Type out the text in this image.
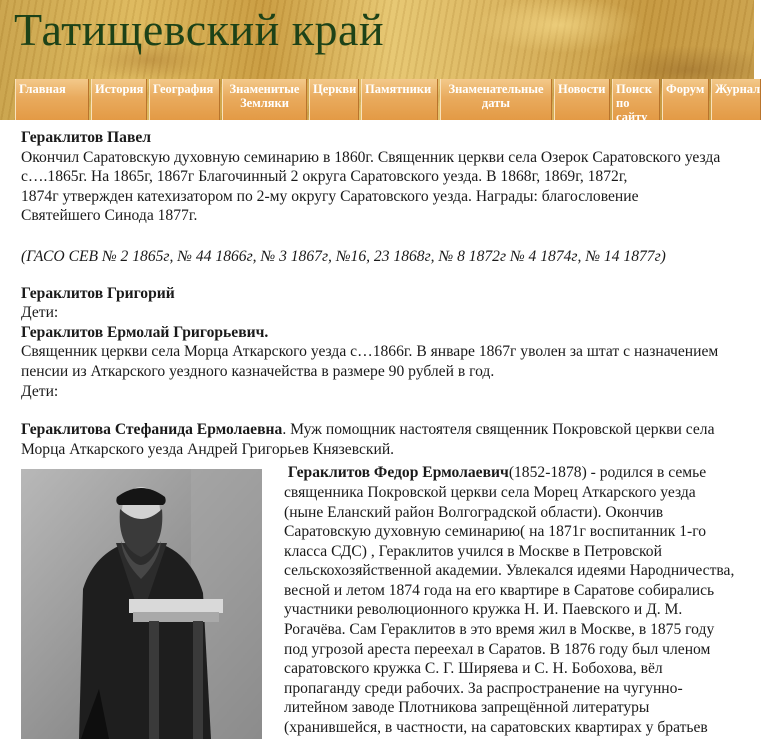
Татищевский край
Главная	История География	Знаменитые Земляки
Церкви Памятники	Знаменательные даты
Новости Поиск по сайту
Форум Журнал
Гераклитов Павел
Окончил Саратовскую духовную семинарию в 1860г. Священник церкви села Озерок Саратовского уезда
с….1865г. На 1865г, 1867г Благочинный 2 округа Саратовского уезда. В 1868г, 1869г, 1872г,
1874г утвержден катехизатором по 2-му округу Саратовского уезда. Награды: благословение
Святейшего Синода 1877г.
(ГАСО СЕВ № 2 1865г, № 44 1866г, № 3 1867г, №16, 23 1868г, № 8 1872г № 4 1874г, № 14 1877г)
Гераклитов Григорий
Дети:
Гераклитов Ермолай Григорьевич.
Священник церкви села Морца Аткарского уезда с…1866г. В январе 1867г уволен за штат с назначением
пенсии из Аткарского уездного казначейства в размере 90 рублей в год.
Дети:
Гераклитова Стефанида Ермолаевна. Муж помощник настоятеля священник Покровской церкви села
Морца Аткарского уезда Андрей Григорьев Князевский.
Гераклитов Федор Ермолаевич(1852-1878) - родился в семье
священника Покровской церкви села Морец Аткарского уезда
(ныне Еланский район Волгоградской области). Окончив
Саратовскую духовную семинарию( на 1871г воспитанник 1-го
класса СДС) , Гераклитов учился в Москве в Петровской
сельскохозяйственной академии. Увлекался идеями Народничества,
весной и летом 1874 года на его квартире в Саратове собирались
участники революционного кружка Н. И. Паевского и Д. М.
Рогачёва. Сам Гераклитов в это время жил в Москве, в 1875 году
под угрозой ареста переехал в Саратов. В 1876 году был членом
саратовского кружка С. Г. Ширяева и С. Н. Бобохова, вёл
пропаганду среди рабочих. За распространение на чугунно-
литейном заводе Плотникова запрещённой литературы
(хранившейся, в частности, на саратовских квартирах у братьев
